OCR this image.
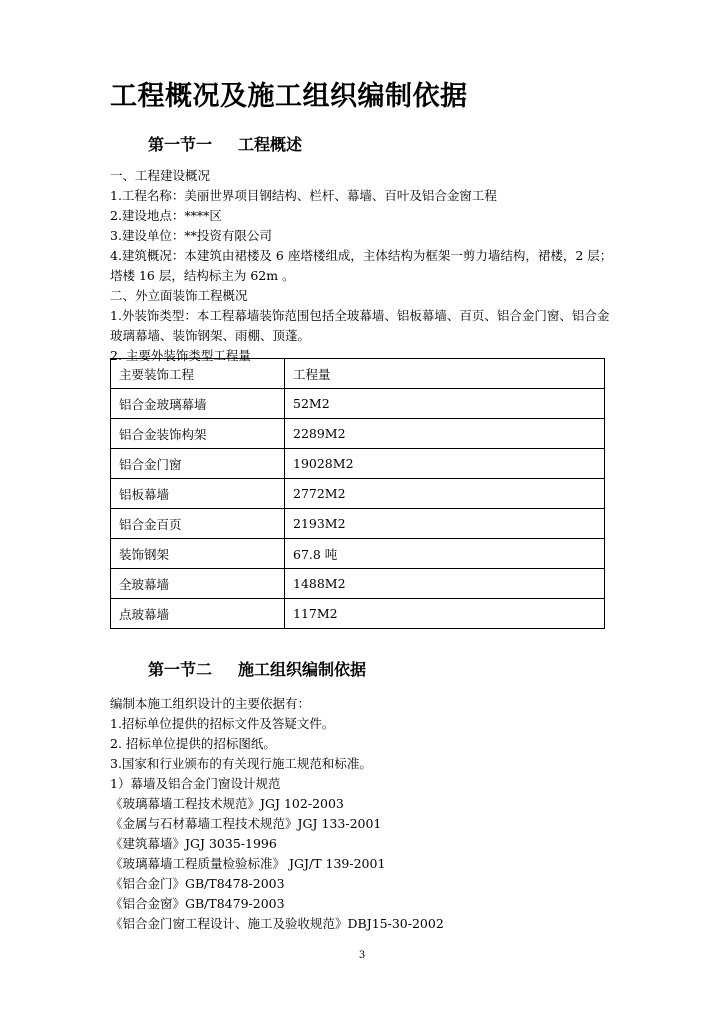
工程概况及施工组织编制依据
第一节一 工程概述
一、工程建设概况
1.工程名称：美丽世界项目钢结构、栏杆、幕墙、百叶及铝合金窗工程
2.建设地点：****区
3.建设单位：**投资有限公司
4.建筑概况：本建筑由裙楼及 6 座塔楼组成，主体结构为框架一剪力墙结构，裙楼，2 层；塔楼 16 层，结构标主为 62m 。
二、外立面装饰工程概况
1.外装饰类型：本工程幕墙装饰范围包括全玻幕墙、铝板幕墙、百页、铝合金门窗、铝合金玻璃幕墙、装饰钢架、雨棚、顶蓬。
2. 主要外装饰类型工程量
主要装饰工程	工程量
铝合金玻璃幕墙	52M2
铝合金装饰构架	2289M2
铝合金门窗	19028M2
铝板幕墙	2772M2
铝合金百页	2193M2
装饰钢架	67.8 吨
全玻幕墙	1488M2
点玻幕墙	117M2
第一节二 施工组织编制依据
编制本施工组织设计的主要依据有：
1.招标单位提供的招标文件及答疑文件。
2. 招标单位提供的招标图纸。
3.国家和行业颁布的有关现行施工规范和标准。
1）幕墙及铝合金门窗设计规范
《玻璃幕墙工程技术规范》JGJ 102-2003
《金属与石材幕墙工程技术规范》JGJ 133-2001
《建筑幕墙》JGJ 3035-1996
《玻璃幕墙工程质量检验标准》 JGJ/T 139-2001
《铝合金门》GB/T8478-2003
《铝合金窗》GB/T8479-2003
《铝合金门窗工程设计、施工及验收规范》DBJ15-30-2002
3
